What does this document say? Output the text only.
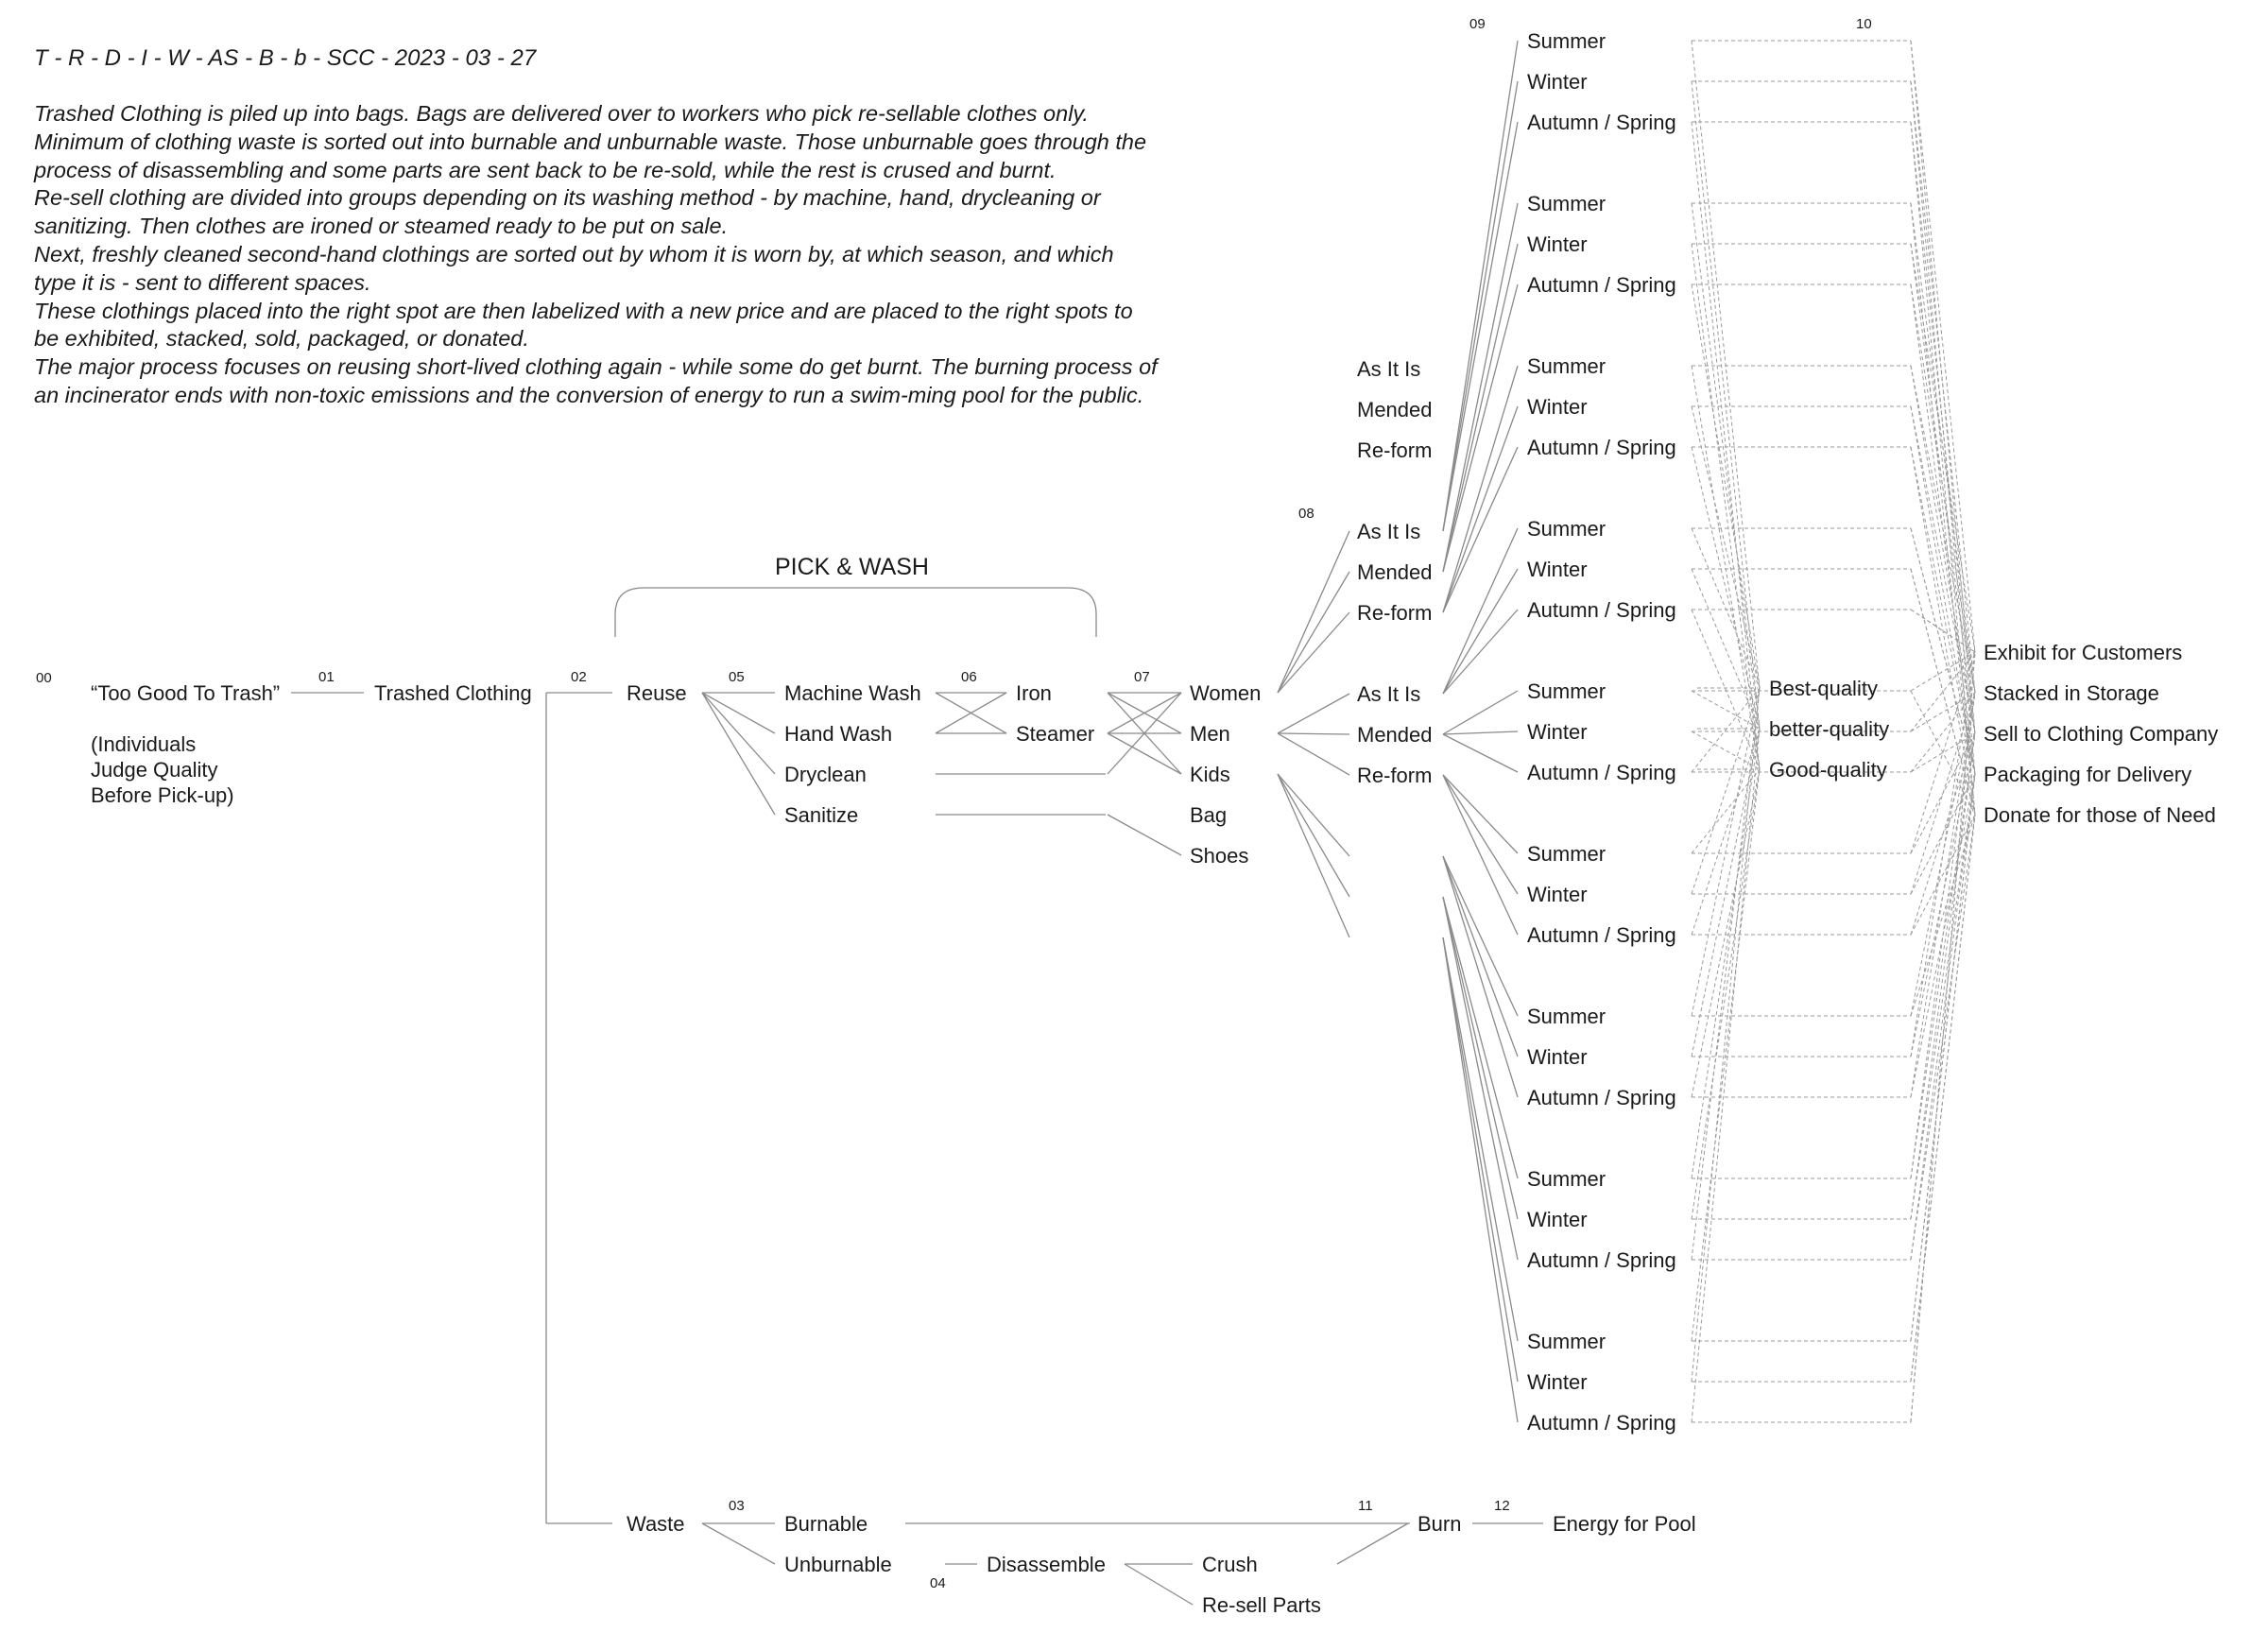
T - R - D - I - W - AS - B - b - SCC - 2023 - 03 - 27

Trashed Clothing is piled up into bags. Bags are delivered over to workers who pick re-sellable clothes only. Minimum of clothing waste is sorted out into burnable and unburnable waste. Those unburnable goes through the process of disassembling and some parts are sent back to be re-sold, while the rest is crused and burnt.

Re-sell clothing are divided into groups depending on its washing method - by machine, hand, drycleaning or sanitizing. Then clothes are ironed or steamed ready to be put on sale.

Next, freshly cleaned second-hand clothings are sorted out by whom it is worn by, at which season, and which type it is - sent to different spaces.

These clothings placed into the right spot are then labelized with a new price and are placed to the right spots to be exhibited, stacked, sold, packaged, or donated.

The major process focuses on reusing short-lived clothing again - while some do get burnt. The burning process of an incinerator ends with non-toxic emissions and the conversion of energy to run a swim-ming pool for the public.

PICK & WASH
00	01	02
03
04
05	06	07
08
09	10
11	12
“Too Good To Trash”
(Individuals
Judge Quality
Before Pick-up)
Trashed Clothing	Reuse
Waste
Machine Wash
Hand Wash
Dryclean
Sanitize
Iron
Steamer
Women
Men
Kids
Bag
Shoes
As It Is
Mended
Re-form
As It Is
Mended
Re-form
As It Is
Mended
Re-form
Summer
Winter
Autumn / Spring
Summer
Winter
Autumn / Spring
Summer
Winter
Autumn / Spring
Summer
Winter
Autumn / Spring
Summer
Winter
Autumn / Spring
Summer
Winter
Autumn / Spring
Summer
Winter
Autumn / Spring
Summer
Winter
Autumn / Spring
Summer
Winter
Autumn / Spring
Best-quality
better-quality
Good-quality
Exhibit for Customers
Stacked in Storage
Sell to Clothing Company
Packaging for Delivery
Donate for those of Need
Burnable
Unburnable	Disassemble	Crush
Re-sell Parts
Burn	Energy for Pool
